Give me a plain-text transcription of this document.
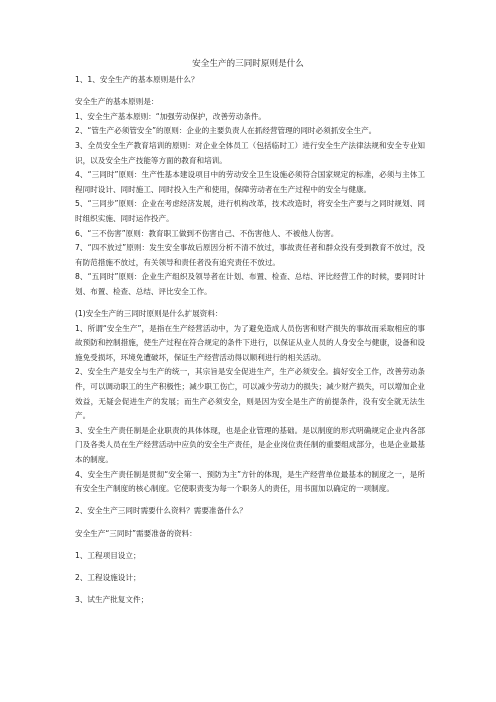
安全生产的三同时原则是什么

1、1、安全生产的基本原则是什么？

安全生产的基本原则是：

1、安全生产基本原则：“加强劳动保护，改善劳动条件。

2、“管生产必须管安全”的原则：企业的主要负责人在抓经营管理的同时必须抓安全生产。

3、全员安全生产教育培训的原则：对企业全体员工（包括临时工）进行安全生产法律法规和安全专业知识，以及安全生产技能等方面的教育和培训。

4、“三同时”原则：生产性基本建设项目中的劳动安全卫生设施必须符合国家规定的标准，必须与主体工程同时设计、同时施工、同时投入生产和使用，保障劳动者在生产过程中的安全与健康。

5、“三同步”原则：企业在考虑经济发展，进行机构改革，技术改造时，将安全生产要与之同时规划、同时组织实施、同时运作投产。

6、“三不伤害”原则：教育职工做到不伤害自己、不伤害他人、不被他人伤害。

7、“四不放过”原则：发生安全事故后原因分析不清不放过，事故责任者和群众没有受到教育不放过，没有防范措施不放过，有关领导和责任者没有追究责任不放过。

8、“五同时”原则：企业生产组织及领导者在计划、布置、检查、总结、评比经营工作的时候，要同时计划、布置、检查、总结、评比安全工作。

(1)安全生产的三同时原则是什么扩展资料：

1、所谓“安全生产”，是指在生产经营活动中，为了避免造成人员伤害和财产损失的事故而采取相应的事故预防和控制措施，使生产过程在符合规定的条件下进行，以保证从业人员的人身安全与健康，设备和设施免受损坏，环境免遭破坏，保证生产经营活动得以顺利进行的相关活动。

2、安全生产是安全与生产的统一，其宗旨是安全促进生产，生产必须安全。搞好安全工作，改善劳动条件，可以调动职工的生产积极性；减少职工伤亡，可以减少劳动力的损失；减少财产损失，可以增加企业效益，无疑会促进生产的发展；而生产必须安全，则是因为安全是生产的前提条件，没有安全就无法生产。

3、安全生产责任制是企业职责的具体体现，也是企业管理的基础。是以制度的形式明确规定企业内各部门及各类人员在生产经营活动中应负的安全生产责任，是企业岗位责任制的重要组成部分，也是企业最基本的制度。

4、安全生产责任制是贯彻“安全第一、预防为主”方针的体现，是生产经营单位最基本的制度之一，是所有安全生产制度的核心制度。它使职责变为每一个职务人的责任，用书面加以确定的一项制度。

2、安全生产三同时需要什么资料？需要准备什么？

安全生产“三同时”需要准备的资料：

1、工程项目设立；

2、工程设施设计；

3、试生产批复文件；
